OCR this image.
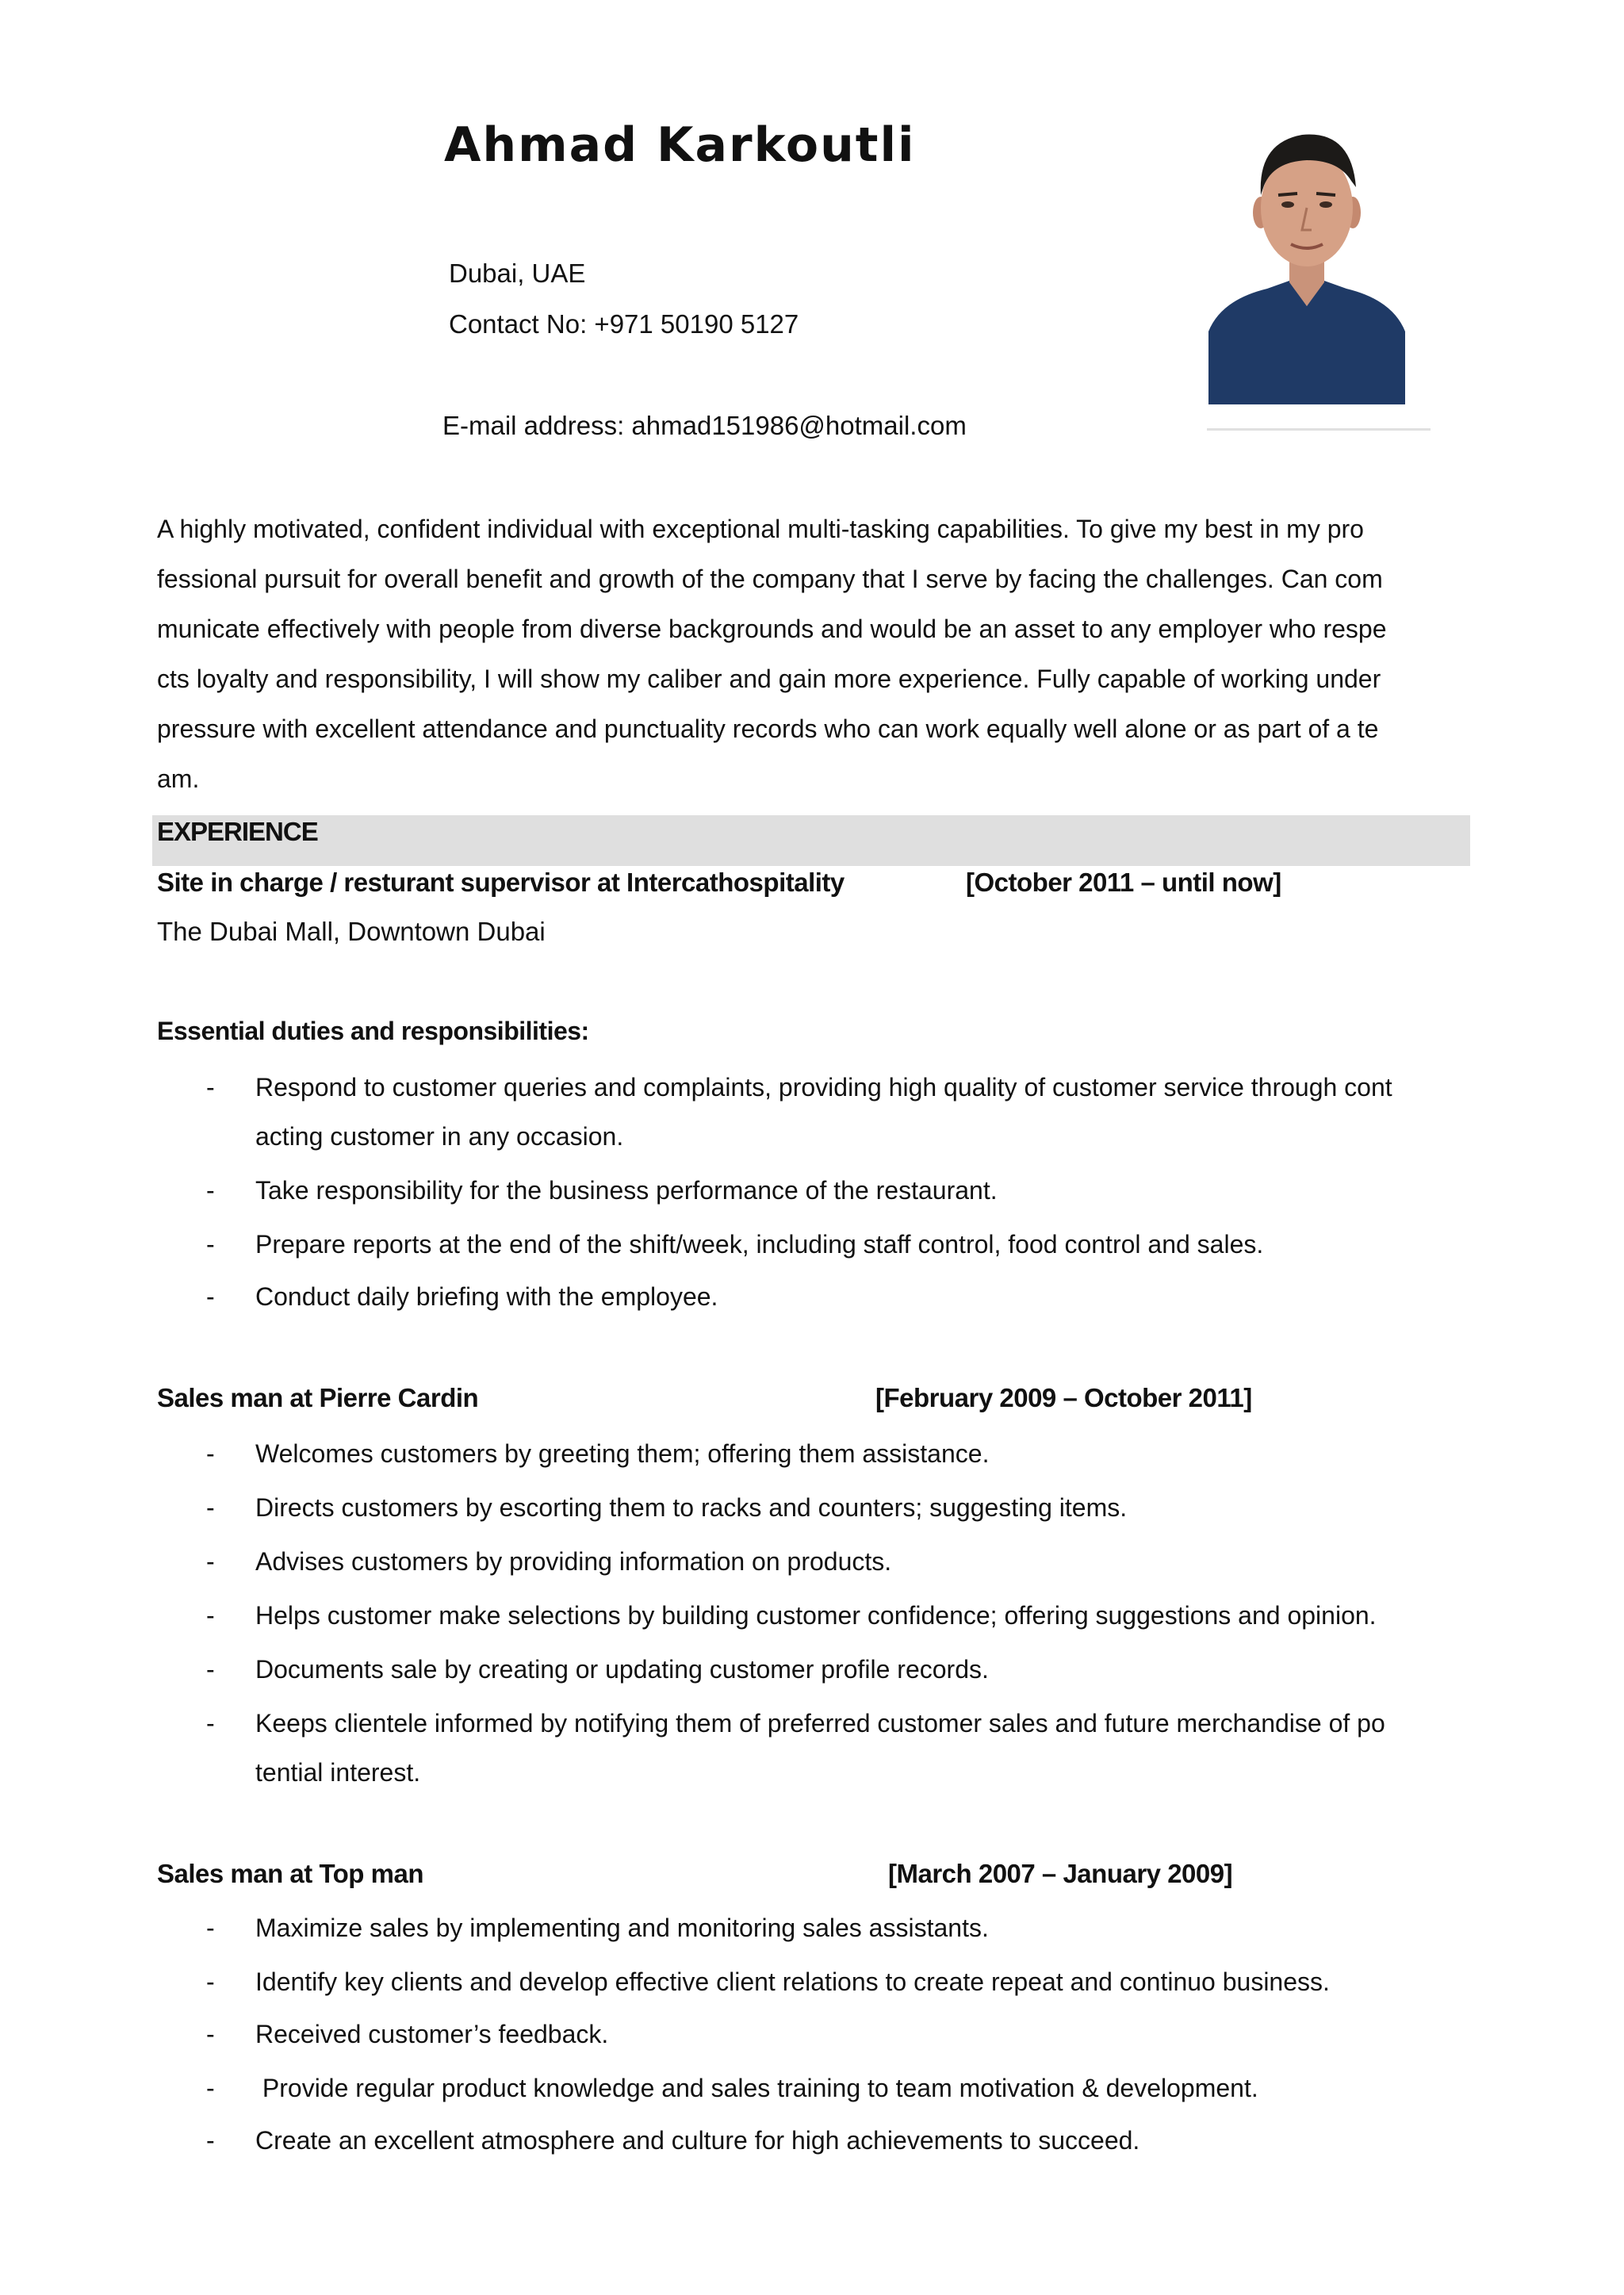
Ahmad Karkoutli

Dubai, UAE

Contact No: +971 50190 5127

E-mail address: ahmad151986@hotmail.com

A highly motivated, confident individual with exceptional multi-tasking capabilities. To give my best in my pro
fessional pursuit for overall benefit and growth of the company that I serve by facing the challenges. Can com
municate effectively with people from diverse backgrounds and would be an asset to any employer who respe
cts loyalty and responsibility, I will show my caliber and gain more experience. Fully capable of working under
pressure with excellent attendance and punctuality records who can work equally well alone or as part of a te
am.

EXPERIENCE

Site in charge / resturant supervisor at Intercathospitality	[October 2011 – until now]

The Dubai Mall, Downtown Dubai

Essential duties and responsibilities:

- Respond to customer queries and complaints, providing high quality of customer service through cont
acting customer in any occasion.
- Take responsibility for the business performance of the restaurant.
- Prepare reports at the end of the shift/week, including staff control, food control and sales.
- Conduct daily briefing with the employee.

Sales man at Pierre Cardin	[February 2009 – October 2011]

- Welcomes customers by greeting them; offering them assistance.
- Directs customers by escorting them to racks and counters; suggesting items.
- Advises customers by providing information on products.
- Helps customer make selections by building customer confidence; offering suggestions and opinion.
- Documents sale by creating or updating customer profile records.
- Keeps clientele informed by notifying them of preferred customer sales and future merchandise of po
tential interest.

Sales man at Top man	[March 2007 – January 2009]

- Maximize sales by implementing and monitoring sales assistants.
- Identify key clients and develop effective client relations to create repeat and continuo business.
- Received customer’s feedback.
- Provide regular product knowledge and sales training to team motivation & development.
- Create an excellent atmosphere and culture for high achievements to succeed.
